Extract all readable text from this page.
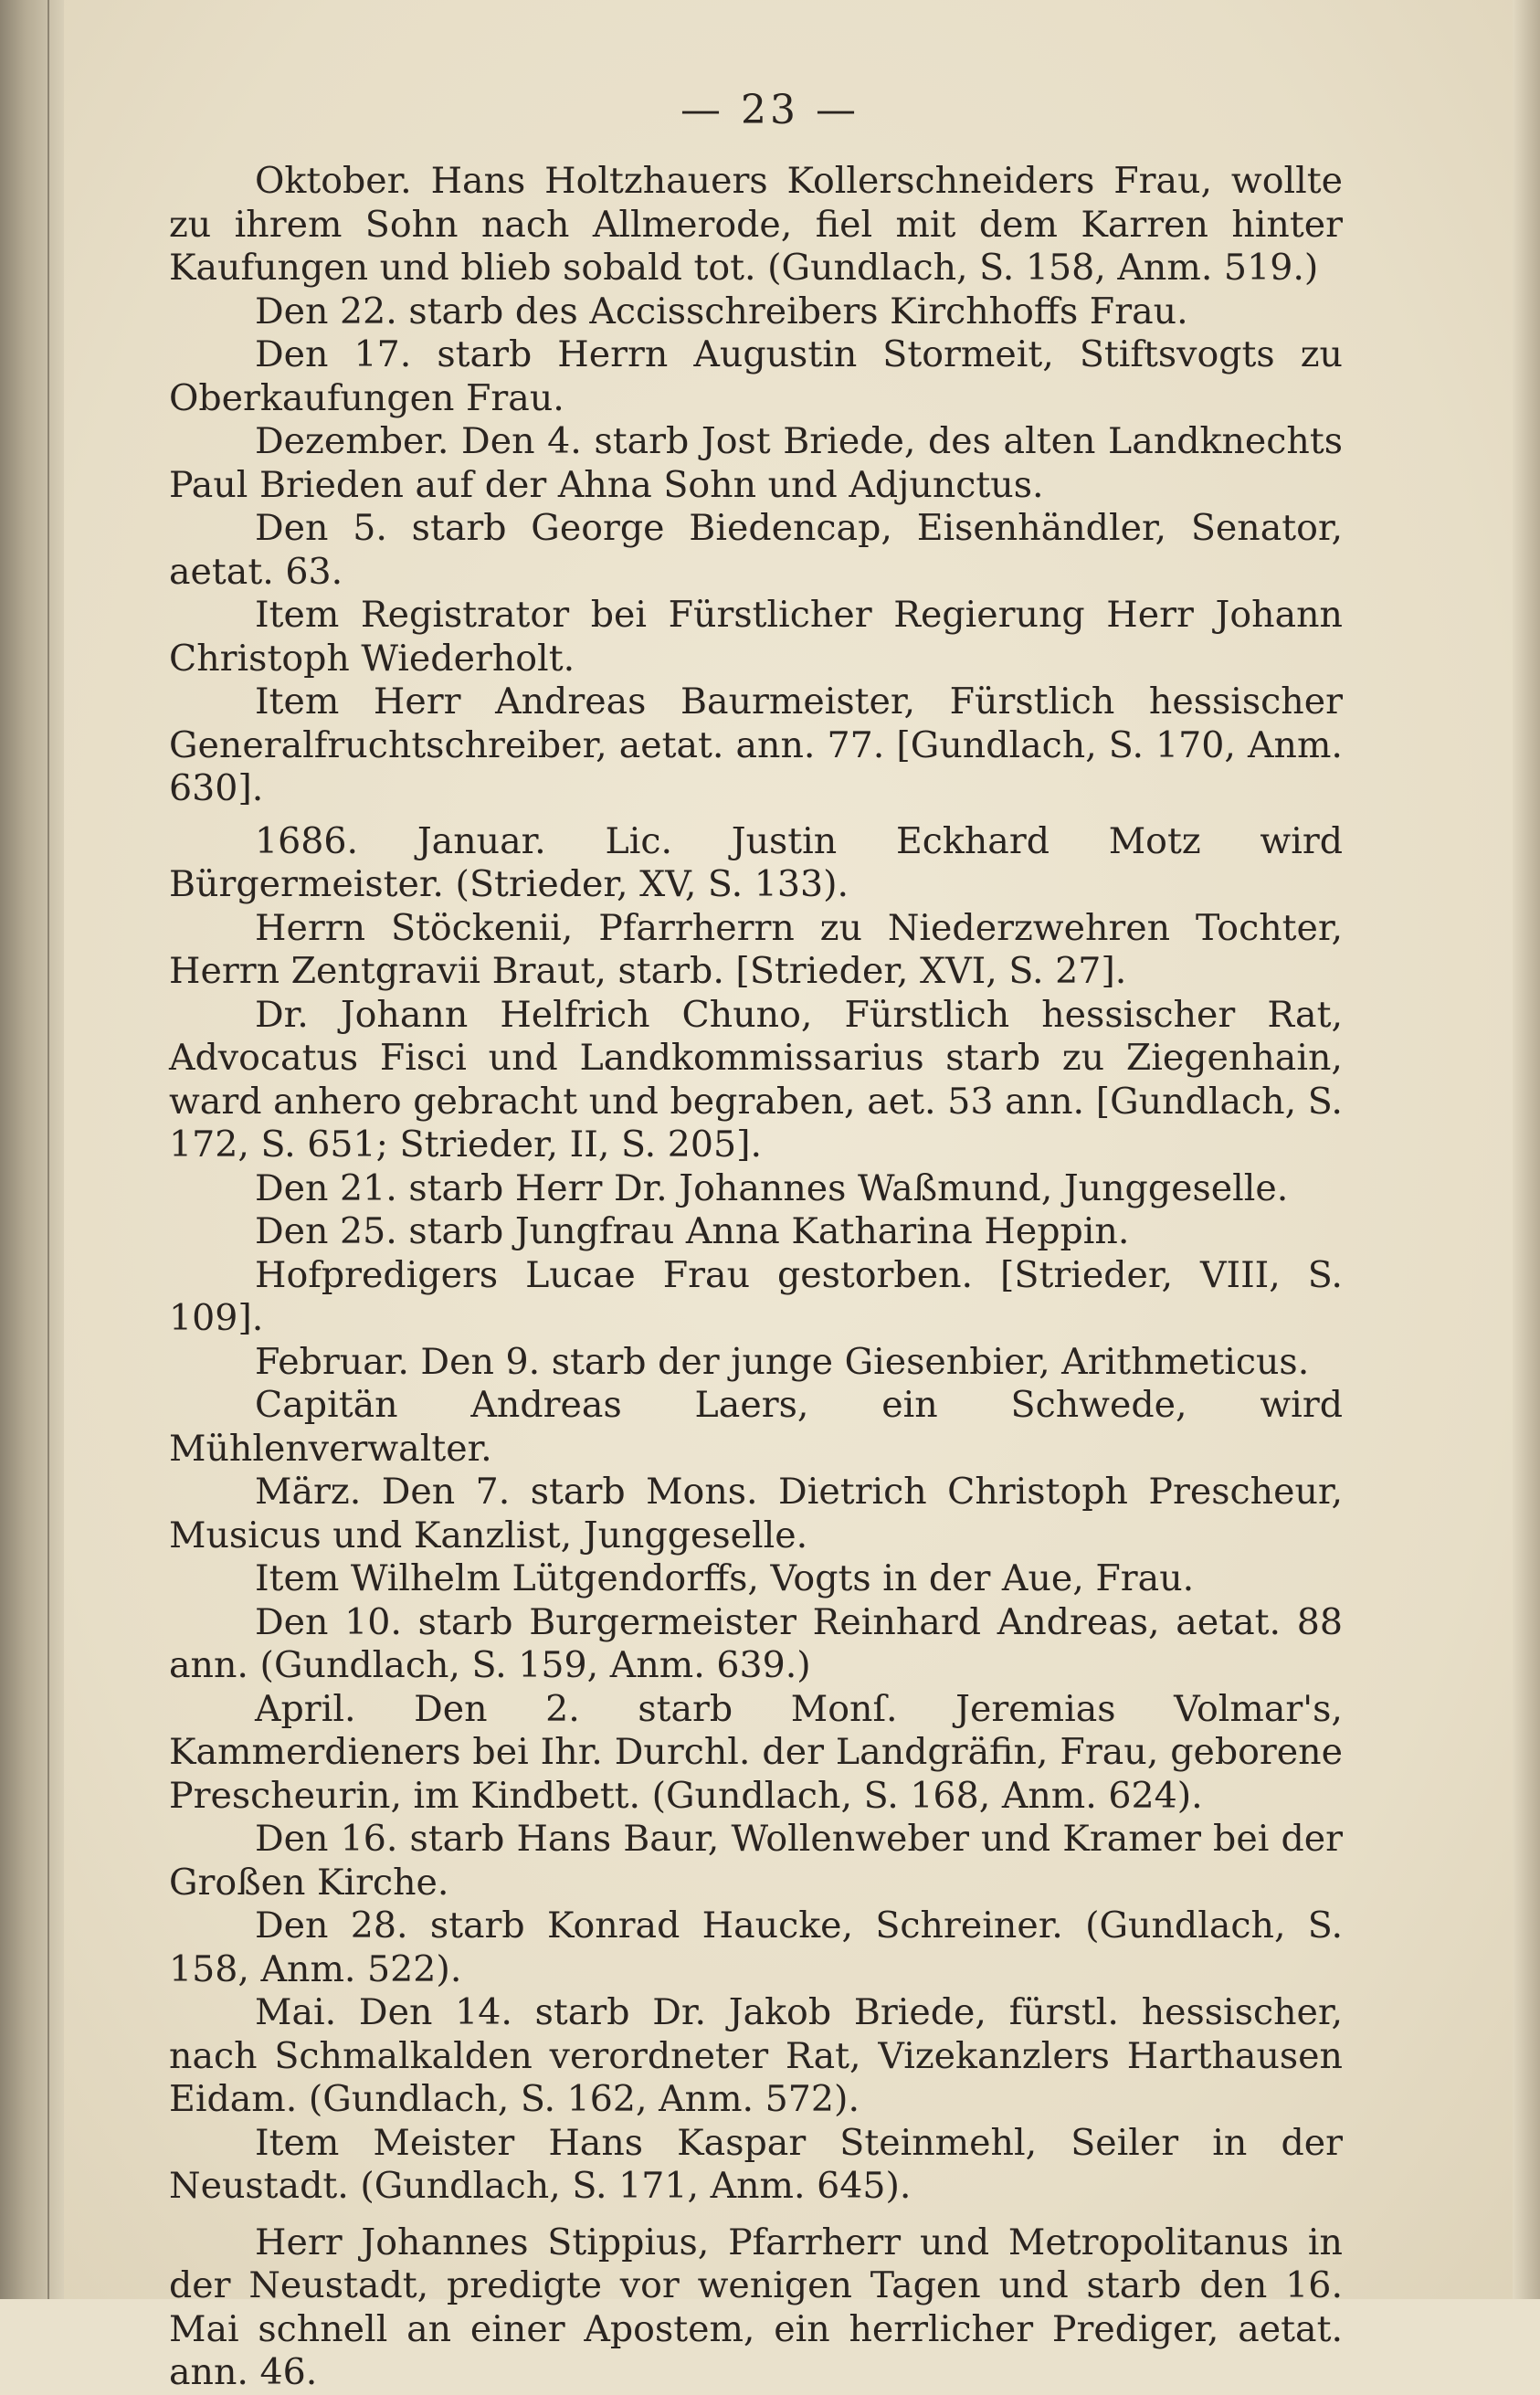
— 23 —

Oktober. Hans Holtzhauers Kollerschneiders Frau, wollte zu ihrem Sohn nach Allmerode, fiel mit dem Karren hinter Kaufungen und blieb sobald tot. (Gundlach, S. 158, Anm. 519.)

Den 22. starb des Accisschreibers Kirchhoffs Frau.

Den 17. starb Herrn Augustin Stormeit, Stiftsvogts zu Oberkaufungen Frau.

Dezember. Den 4. starb Jost Briede, des alten Landknechts Paul Brieden auf der Ahna Sohn und Adjunctus.

Den 5. starb George Biedencap, Eisenhändler, Senator, aetat. 63.

Item Registrator bei Fürstlicher Regierung Herr Johann Christoph Wiederholt.

Item Herr Andreas Baurmeister, Fürstlich hessischer Generalfruchtschreiber, aetat. ann. 77. [Gundlach, S. 170, Anm. 630].

1686. Januar. Lic. Justin Eckhard Motz wird Bürgermeister. (Strieder, XV, S. 133).

Herrn Stöckenii, Pfarrherrn zu Niederzwehren Tochter, Herrn Zentgravii Braut, starb. [Strieder, XVI, S. 27].

Dr. Johann Helfrich Chuno, Fürstlich hessischer Rat, Advocatus Fisci und Landkommissarius starb zu Ziegenhain, ward anhero gebracht und begraben, aet. 53 ann. [Gundlach, S. 172, S. 651; Strieder, II, S. 205].

Den 21. starb Herr Dr. Johannes Waßmund, Junggeselle.

Den 25. starb Jungfrau Anna Katharina Heppin.

Hofpredigers Lucae Frau gestorben. [Strieder, VIII, S. 109].

Februar. Den 9. starb der junge Giesenbier, Arithmeticus.

Capitän Andreas Laers, ein Schwede, wird Mühlenverwalter.

März. Den 7. starb Mons. Dietrich Christoph Prescheur, Musicus und Kanzlist, Junggeselle.

Item Wilhelm Lütgendorffs, Vogts in der Aue, Frau.

Den 10. starb Burgermeister Reinhard Andreas, aetat. 88 ann. (Gundlach, S. 159, Anm. 639.)

April. Den 2. starb Monſ. Jeremias Volmar's, Kammerdieners bei Ihr. Durchl. der Landgräfin, Frau, geborene Prescheurin, im Kindbett. (Gundlach, S. 168, Anm. 624).

Den 16. starb Hans Baur, Wollenweber und Kramer bei der Großen Kirche.

Den 28. starb Konrad Haucke, Schreiner. (Gundlach, S. 158, Anm. 522).

Mai. Den 14. starb Dr. Jakob Briede, fürstl. hessischer, nach Schmalkalden verordneter Rat, Vizekanzlers Harthausen Eidam. (Gundlach, S. 162, Anm. 572).

Item Meister Hans Kaspar Steinmehl, Seiler in der Neustadt. (Gundlach, S. 171, Anm. 645).

Herr Johannes Stippius, Pfarrherr und Metropolitanus in der Neustadt, predigte vor wenigen Tagen und starb den 16. Mai schnell an einer Apostem, ein herrlicher Prediger, aetat. ann. 46.
